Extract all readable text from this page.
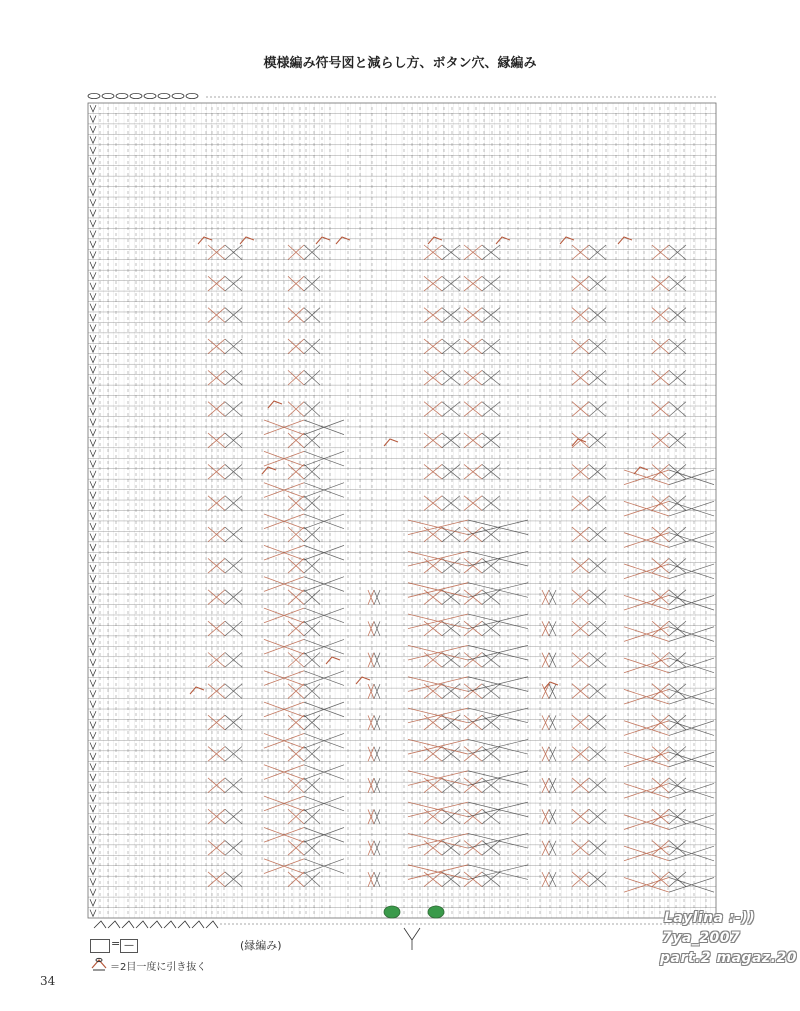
模様編み符号図と減らし方、ボタン穴、縁編み
= —
＝2目一度に引き抜く
(縁編み)
34
Laylina :-))
7ya_2007
part.2 magaz.20
